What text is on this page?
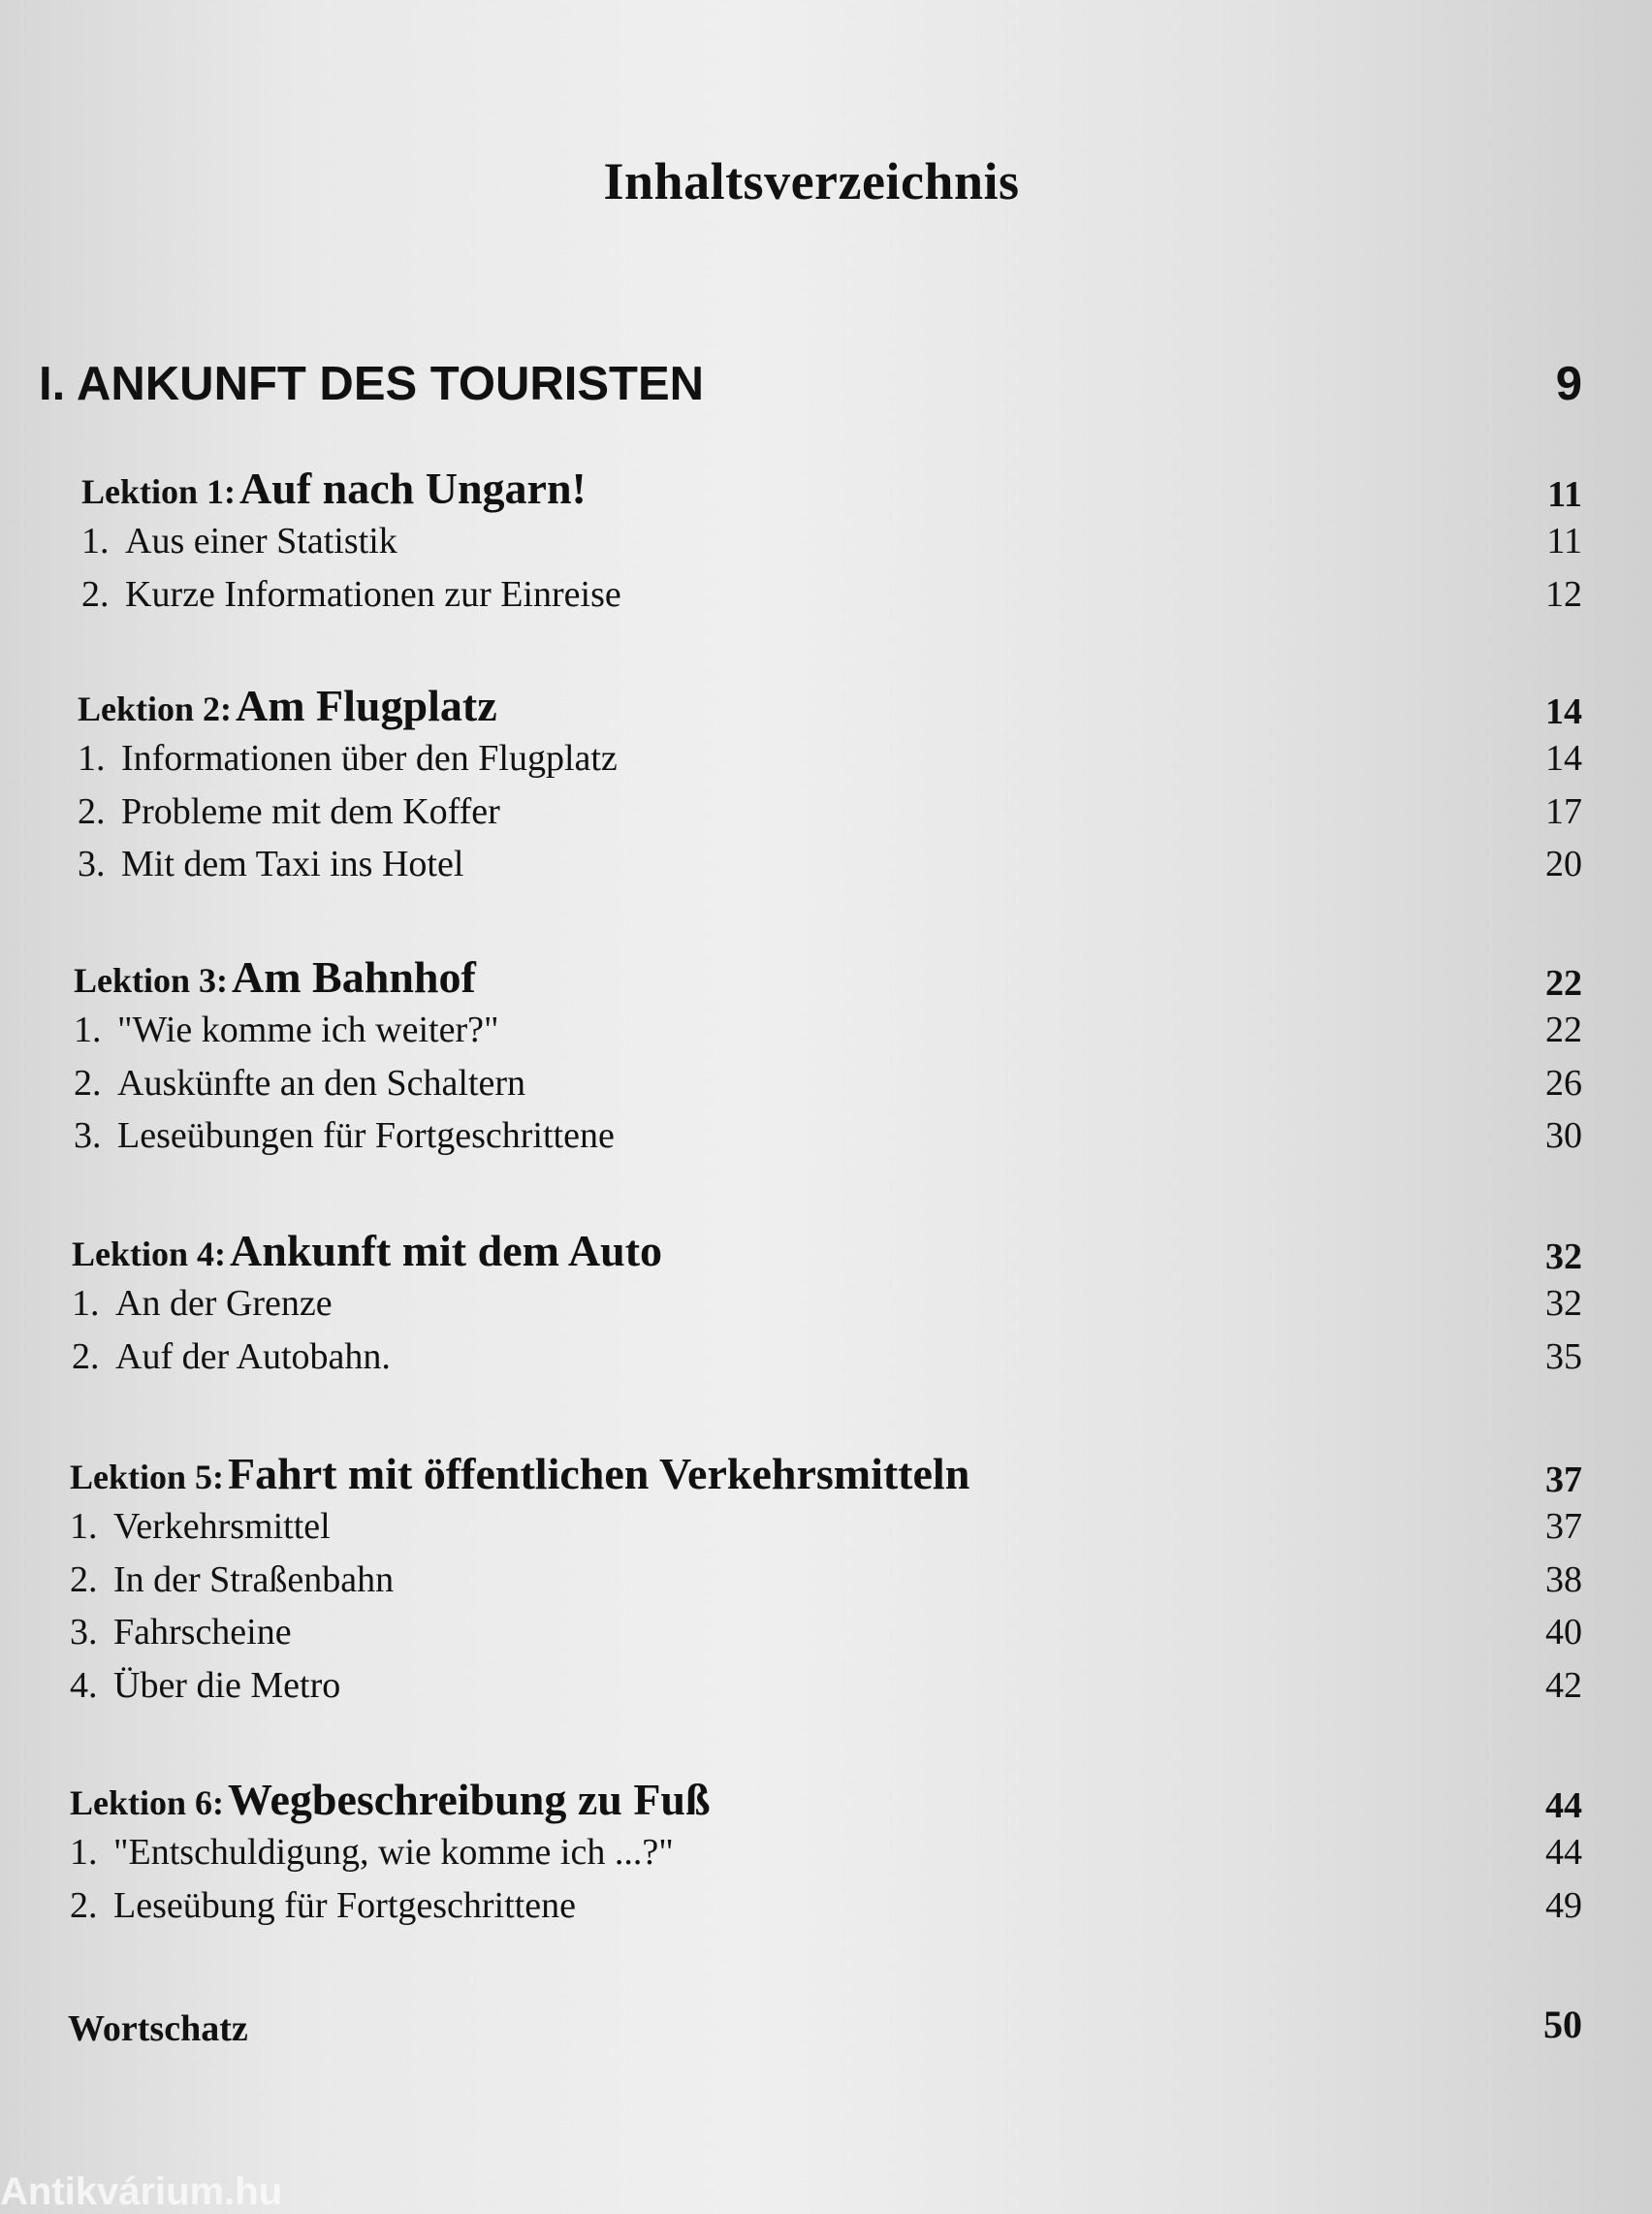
Inhaltsverzeichnis
I. ANKUNFT DES TOURISTEN	9
Lektion 1: Auf nach Ungarn!	11
1. Aus einer Statistik	11
2. Kurze Informationen zur Einreise	12
Lektion 2: Am Flugplatz	14
1. Informationen über den Flugplatz	14
2. Probleme mit dem Koffer	17
3. Mit dem Taxi ins Hotel	20
Lektion 3: Am Bahnhof	22
1. "Wie komme ich weiter?"	22
2. Auskünfte an den Schaltern	26
3. Leseübungen für Fortgeschrittene	30
Lektion 4: Ankunft mit dem Auto	32
1. An der Grenze	32
2. Auf der Autobahn.	35
Lektion 5: Fahrt mit öffentlichen Verkehrsmitteln	37
1. Verkehrsmittel	37
2. In der Straßenbahn	38
3. Fahrscheine	40
4. Über die Metro	42
Lektion 6: Wegbeschreibung zu Fuß	44
1. "Entschuldigung, wie komme ich ...?"	44
2. Leseübung für Fortgeschrittene	49
Wortschatz	50
Antikvárium.hu
